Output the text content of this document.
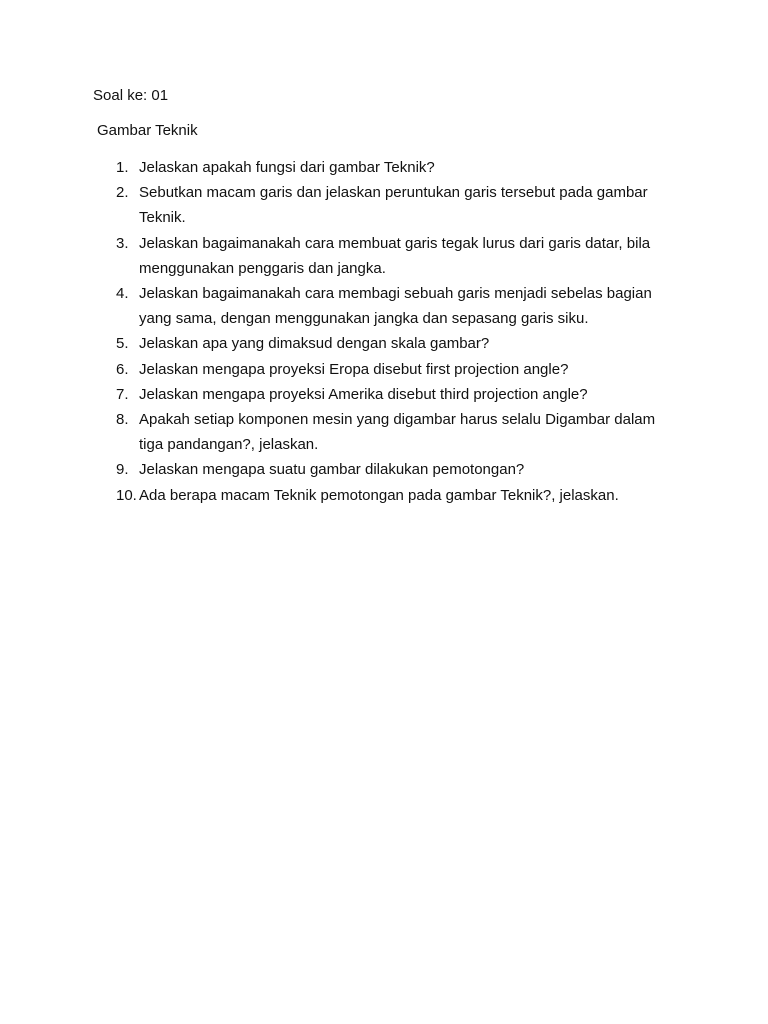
Soal ke: 01
Gambar Teknik
1. Jelaskan apakah fungsi dari gambar Teknik?
2. Sebutkan macam garis dan jelaskan peruntukan garis tersebut pada gambar Teknik.
3. Jelaskan bagaimanakah cara membuat garis tegak lurus dari garis datar, bila menggunakan penggaris dan jangka.
4. Jelaskan bagaimanakah cara membagi sebuah garis menjadi sebelas bagian yang sama, dengan menggunakan jangka dan sepasang garis siku.
5. Jelaskan apa yang dimaksud dengan skala gambar?
6. Jelaskan mengapa proyeksi Eropa disebut first projection angle?
7. Jelaskan mengapa proyeksi Amerika disebut third projection angle?
8. Apakah setiap komponen mesin yang digambar harus selalu Digambar dalam tiga pandangan?, jelaskan.
9. Jelaskan mengapa suatu gambar dilakukan pemotongan?
10. Ada berapa macam Teknik pemotongan pada gambar Teknik?, jelaskan.
